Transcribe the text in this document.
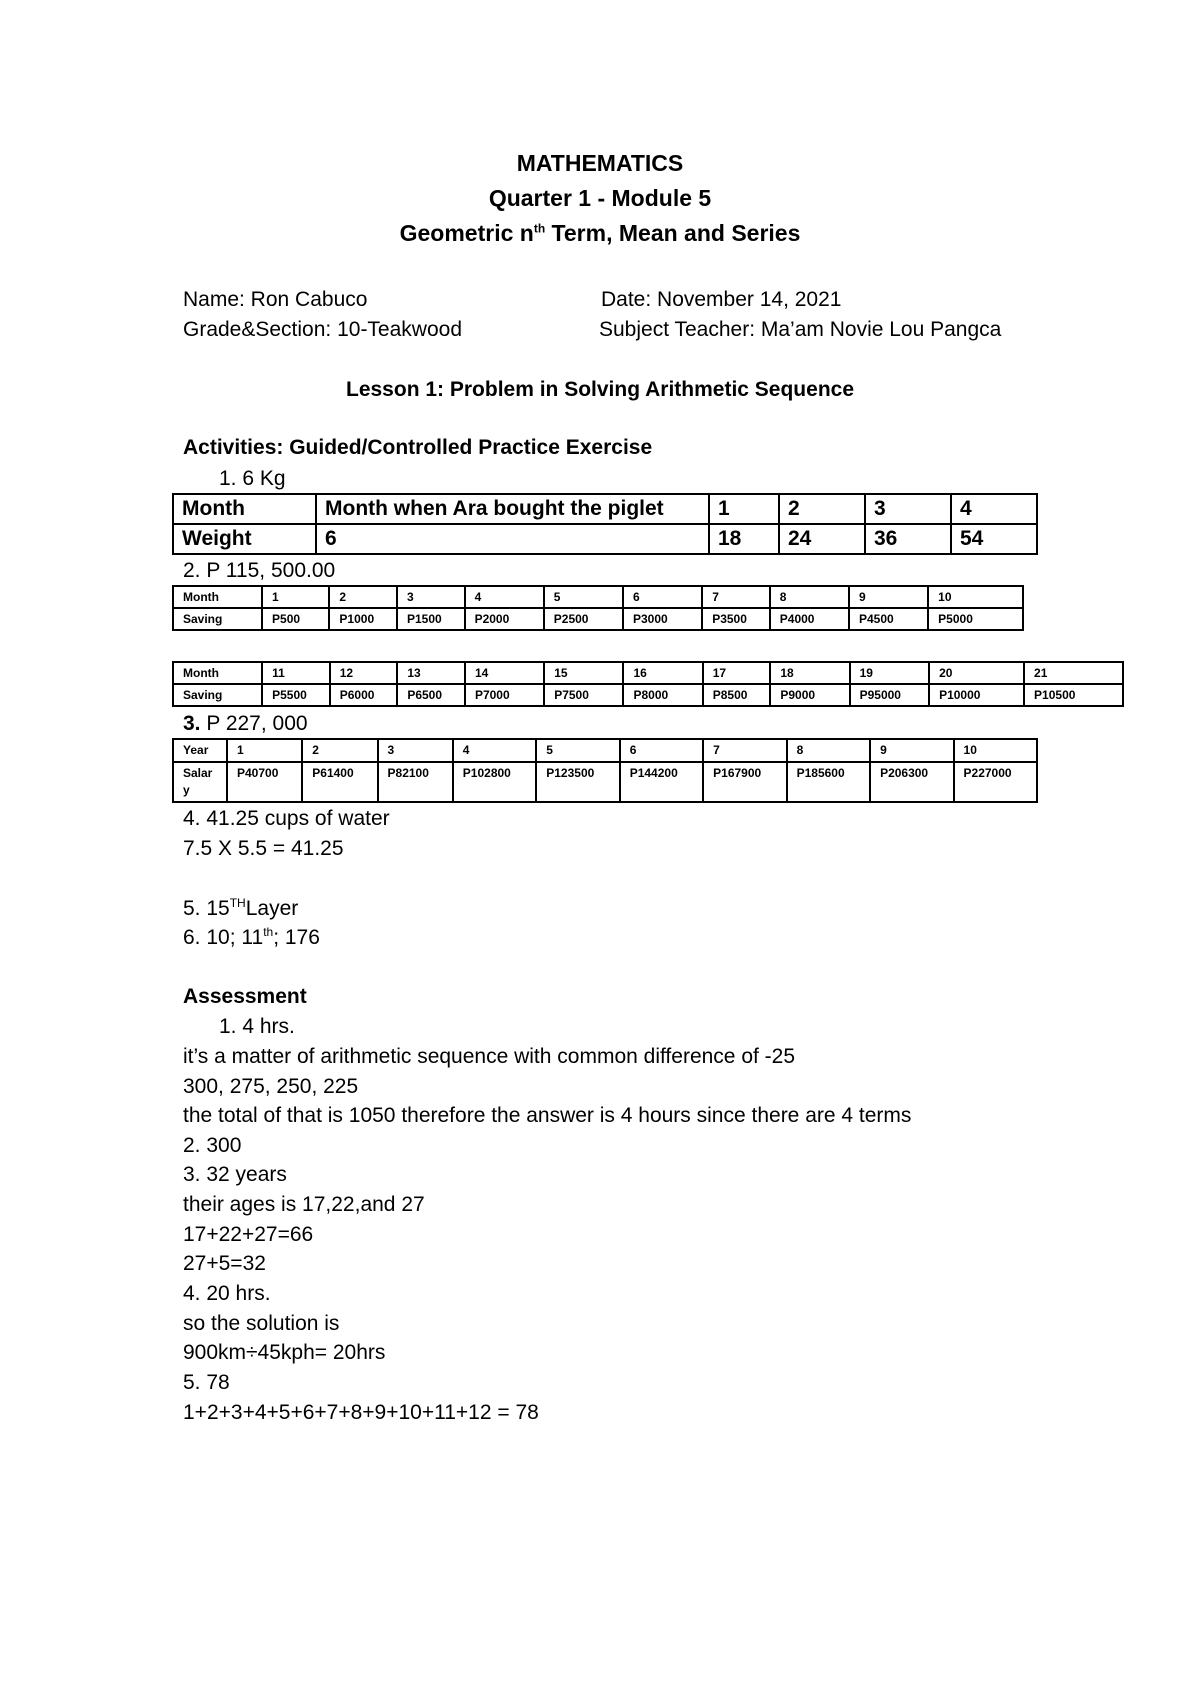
MATHEMATICS
Quarter 1 - Module 5
Geometric $n^{th}$ Term, Mean and Series
Name: Ron Cabuco	Date: November 14, 2021
Grade&Section: 10-Teakwood	Subject Teacher: Ma’am Novie Lou Pangca
Lesson 1: Problem in Solving Arithmetic Sequence
Activities: Guided/Controlled Practice Exercise
1. 6 Kg
Month	Month when Ara bought the piglet	1	2	3	4
Weight	6	18	24	36	54
2. P 115, 500.00
Month	1	2	3	4	5	6	7	8	9	10
Saving	P500	P1000	P1500	P2000	P2500	P3000	P3500	P4000	P4500	P5000
Month	11	12	13	14	15	16	17	18	19	20	21
Saving	P5500	P6000	P6500	P7000	P7500	P8000	P8500	P9000	P95000	P10000	P10500
3. P 227, 000
Year	1	2	3	4	5	6	7	8	9	10

Salary	P40700	P61400	P82100	P102800	P123500	P144200	P167900	P185600	P206300	P227000
4. 41.25 cups of water
7.5 X 5.5 = 41.25
5. 15THLayer
6. 10; 11th; 176
Assessment
1. 4 hrs.
it’s a matter of arithmetic sequence with common difference of -25
300, 275, 250, 225
the total of that is 1050 therefore the answer is 4 hours since there are 4 terms
2. 300
3. 32 years
their ages is 17,22,and 27
17+22+27=66
27+5=32
4. 20 hrs.
so the solution is
900km÷45kph= 20hrs
5. 78
1+2+3+4+5+6+7+8+9+10+11+12 = 78
